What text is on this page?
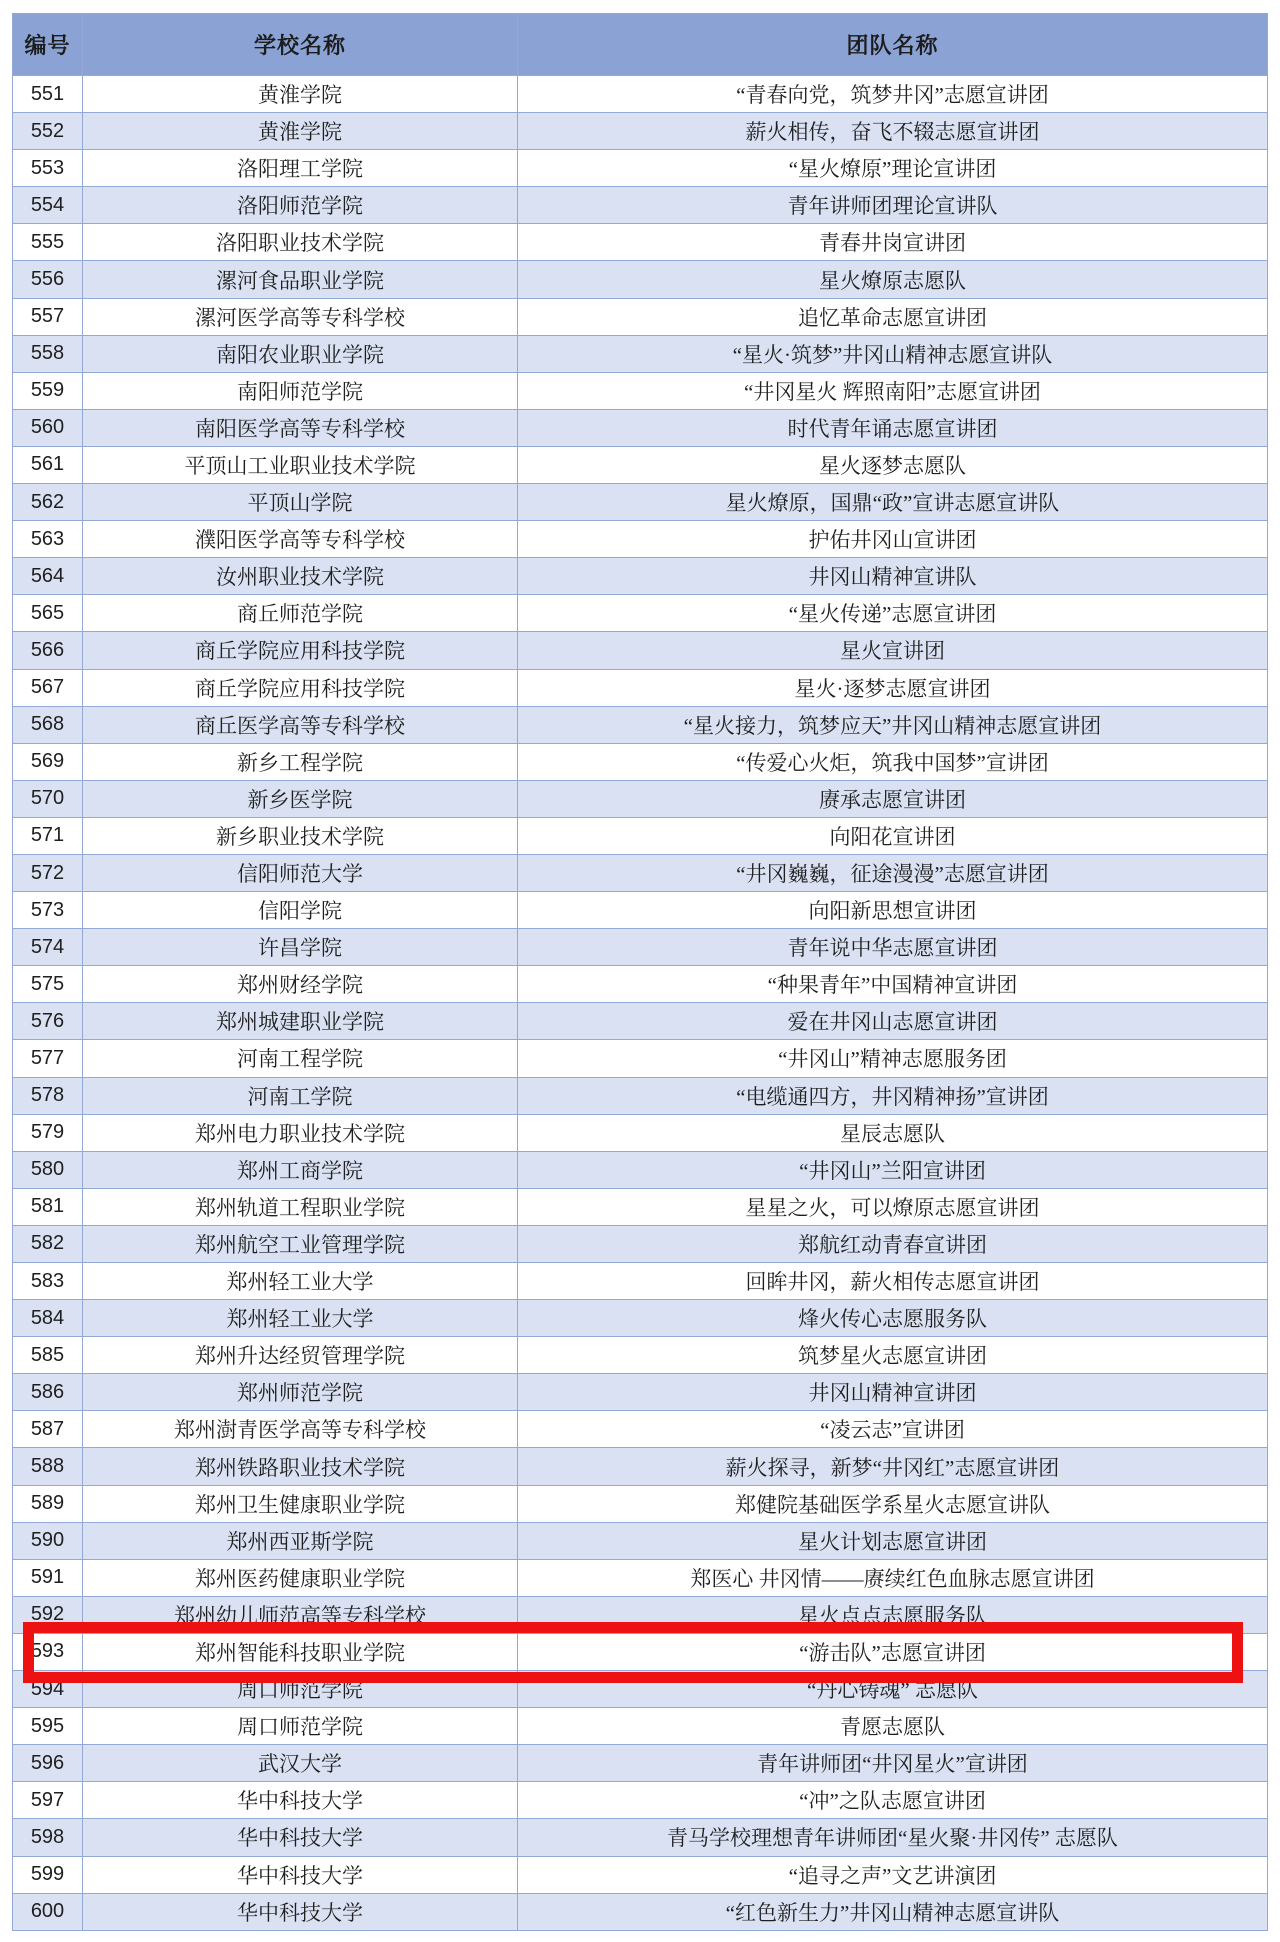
编号	学校名称	团队名称
551	黄淮学院	“青春向党，筑梦井冈”志愿宣讲团
552	黄淮学院	薪火相传，奋飞不辍志愿宣讲团
553	洛阳理工学院	“星火燎原”理论宣讲团
554	洛阳师范学院	青年讲师团理论宣讲队
555	洛阳职业技术学院	青春井岗宣讲团
556	漯河食品职业学院	星火燎原志愿队
557	漯河医学高等专科学校	追忆革命志愿宣讲团
558	南阳农业职业学院	“星火·筑梦”井冈山精神志愿宣讲队
559	南阳师范学院	“井冈星火 辉照南阳”志愿宣讲团
560	南阳医学高等专科学校	时代青年诵志愿宣讲团
561	平顶山工业职业技术学院	星火逐梦志愿队
562	平顶山学院	星火燎原，国鼎“政”宣讲志愿宣讲队
563	濮阳医学高等专科学校	护佑井冈山宣讲团
564	汝州职业技术学院	井冈山精神宣讲队
565	商丘师范学院	“星火传递”志愿宣讲团
566	商丘学院应用科技学院	星火宣讲团
567	商丘学院应用科技学院	星火·逐梦志愿宣讲团
568	商丘医学高等专科学校	“星火接力，筑梦应天”井冈山精神志愿宣讲团
569	新乡工程学院	“传爱心火炬，筑我中国梦”宣讲团
570	新乡医学院	赓承志愿宣讲团
571	新乡职业技术学院	向阳花宣讲团
572	信阳师范大学	“井冈巍巍，征途漫漫”志愿宣讲团
573	信阳学院	向阳新思想宣讲团
574	许昌学院	青年说中华志愿宣讲团
575	郑州财经学院	“种果青年”中国精神宣讲团
576	郑州城建职业学院	爱在井冈山志愿宣讲团
577	河南工程学院	“井冈山”精神志愿服务团
578	河南工学院	“电缆通四方，井冈精神扬”宣讲团
579	郑州电力职业技术学院	星辰志愿队
580	郑州工商学院	“井冈山”兰阳宣讲团
581	郑州轨道工程职业学院	星星之火，可以燎原志愿宣讲团
582	郑州航空工业管理学院	郑航红动青春宣讲团
583	郑州轻工业大学	回眸井冈，薪火相传志愿宣讲团
584	郑州轻工业大学	烽火传心志愿服务队
585	郑州升达经贸管理学院	筑梦星火志愿宣讲团
586	郑州师范学院	井冈山精神宣讲团
587	郑州澍青医学高等专科学校	“凌云志”宣讲团
588	郑州铁路职业技术学院	薪火探寻，新梦“井冈红”志愿宣讲团
589	郑州卫生健康职业学院	郑健院基础医学系星火志愿宣讲队
590	郑州西亚斯学院	星火计划志愿宣讲团
591	郑州医药健康职业学院	郑医心 井冈情——赓续红色血脉志愿宣讲团
592	郑州幼儿师范高等专科学校	星火点点志愿服务队
593	郑州智能科技职业学院	“游击队”志愿宣讲团
594	周口师范学院	“丹心铸魂” 志愿队
595	周口师范学院	青愿志愿队
596	武汉大学	青年讲师团“井冈星火”宣讲团
597	华中科技大学	“冲”之队志愿宣讲团
598	华中科技大学	青马学校理想青年讲师团“星火聚·井冈传” 志愿队
599	华中科技大学	“追寻之声”文艺讲演团
600	华中科技大学	“红色新生力”井冈山精神志愿宣讲队
